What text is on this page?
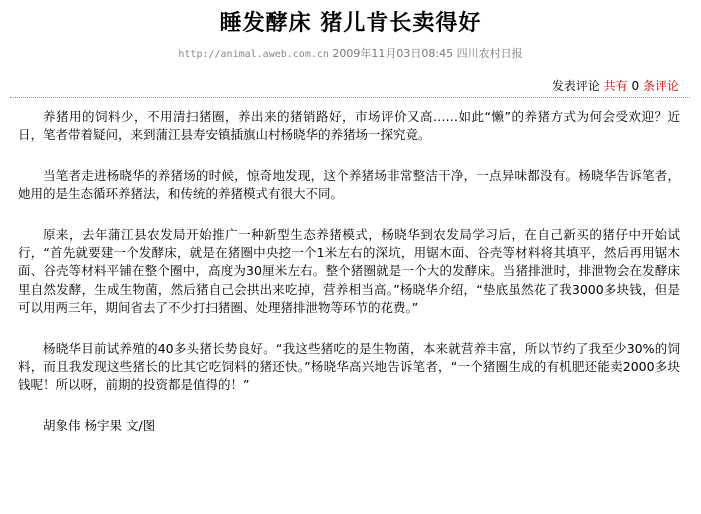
睡发酵床 猪儿肯长卖得好
http://animal.aweb.com.cn 2009年11月03日08:45 四川农村日报
发表评论 共有 0 条评论

养猪用的饲料少，不用清扫猪圈，养出来的猪销路好，市场评价又高……如此“懒”的养猪方式为何会受欢迎？近日，笔者带着疑问，来到蒲江县寿安镇插旗山村杨晓华的养猪场一探究竟。

当笔者走进杨晓华的养猪场的时候，惊奇地发现，这个养猪场非常整洁干净，一点异味都没有。杨晓华告诉笔者，她用的是生态循环养猪法，和传统的养猪模式有很大不同。

原来，去年蒲江县农发局开始推广一种新型生态养猪模式，杨晓华到农发局学习后，在自己新买的猪仔中开始试行，“首先就要建一个发酵床，就是在猪圈中央挖一个1米左右的深坑，用锯木面、谷壳等材料将其填平，然后再用锯木面、谷壳等材料平铺在整个圈中，高度为30厘米左右。整个猪圈就是一个大的发酵床。当猪排泄时，排泄物会在发酵床里自然发酵，生成生物菌，然后猪自己会拱出来吃掉，营养相当高。”杨晓华介绍，“垫底虽然花了我3000多块钱，但是可以用两三年，期间省去了不少打扫猪圈、处理猪排泄物等环节的花费。”

杨晓华目前试养殖的40多头猪长势良好。“我这些猪吃的是生物菌，本来就营养丰富，所以节约了我至少30%的饲料，而且我发现这些猪长的比其它吃饲料的猪还快。”杨晓华高兴地告诉笔者，“一个猪圈生成的有机肥还能卖2000多块钱呢！所以呀，前期的投资都是值得的！”

胡象伟 杨宇果 文/图
